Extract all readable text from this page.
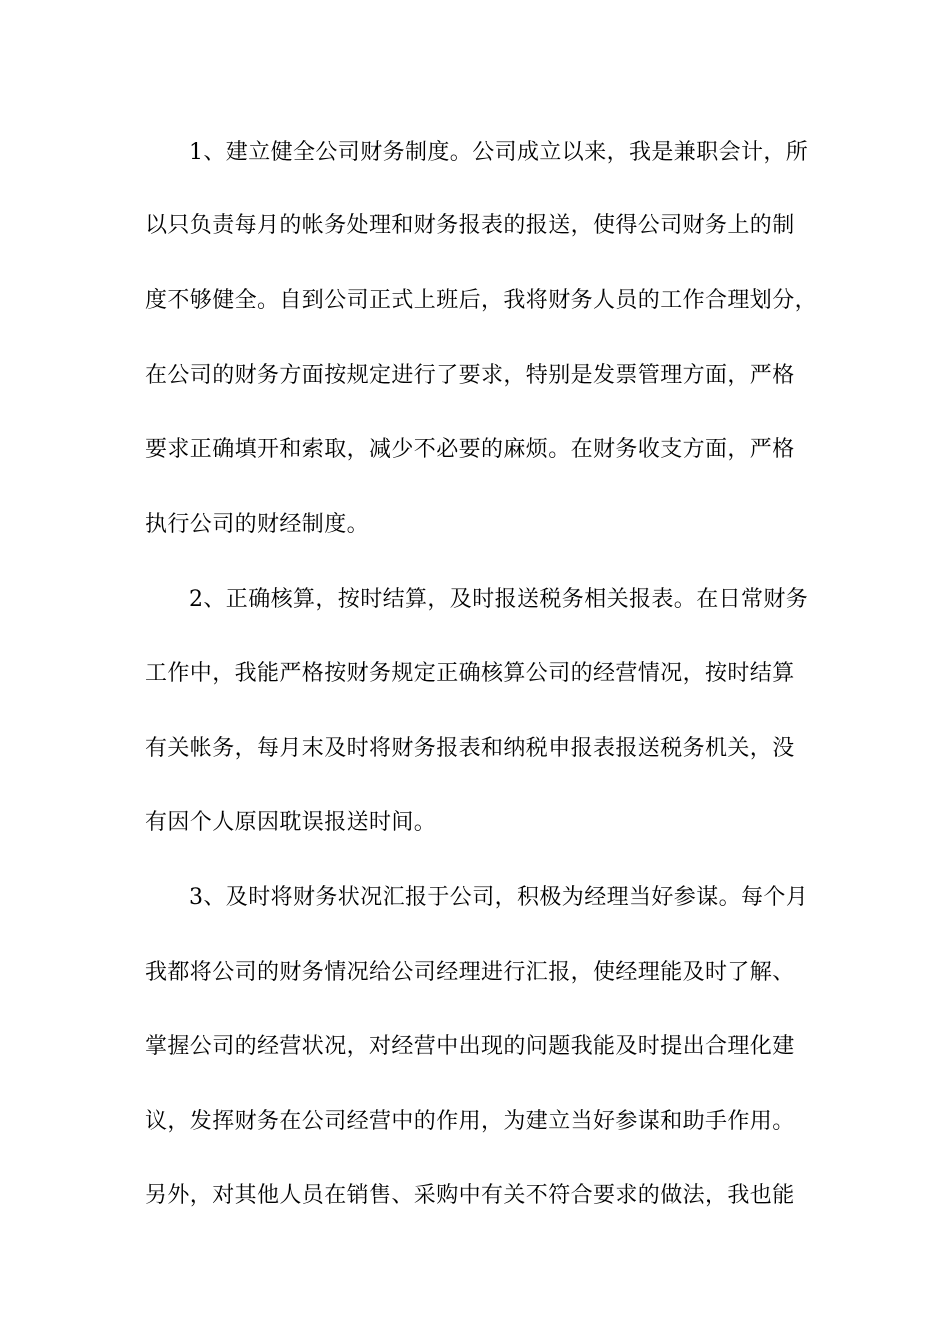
1、建立健全公司财务制度。公司成立以来，我是兼职会计，所
以只负责每月的帐务处理和财务报表的报送，使得公司财务上的制
度不够健全。自到公司正式上班后，我将财务人员的工作合理划分，
在公司的财务方面按规定进行了要求，特别是发票管理方面，严格
要求正确填开和索取，减少不必要的麻烦。在财务收支方面，严格
执行公司的财经制度。
2、正确核算，按时结算，及时报送税务相关报表。在日常财务
工作中，我能严格按财务规定正确核算公司的经营情况，按时结算
有关帐务，每月末及时将财务报表和纳税申报表报送税务机关，没
有因个人原因耽误报送时间。
3、及时将财务状况汇报于公司，积极为经理当好参谋。每个月
我都将公司的财务情况给公司经理进行汇报，使经理能及时了解、
掌握公司的经营状况，对经营中出现的问题我能及时提出合理化建
议，发挥财务在公司经营中的作用，为建立当好参谋和助手作用。
另外，对其他人员在销售、采购中有关不符合要求的做法，我也能
